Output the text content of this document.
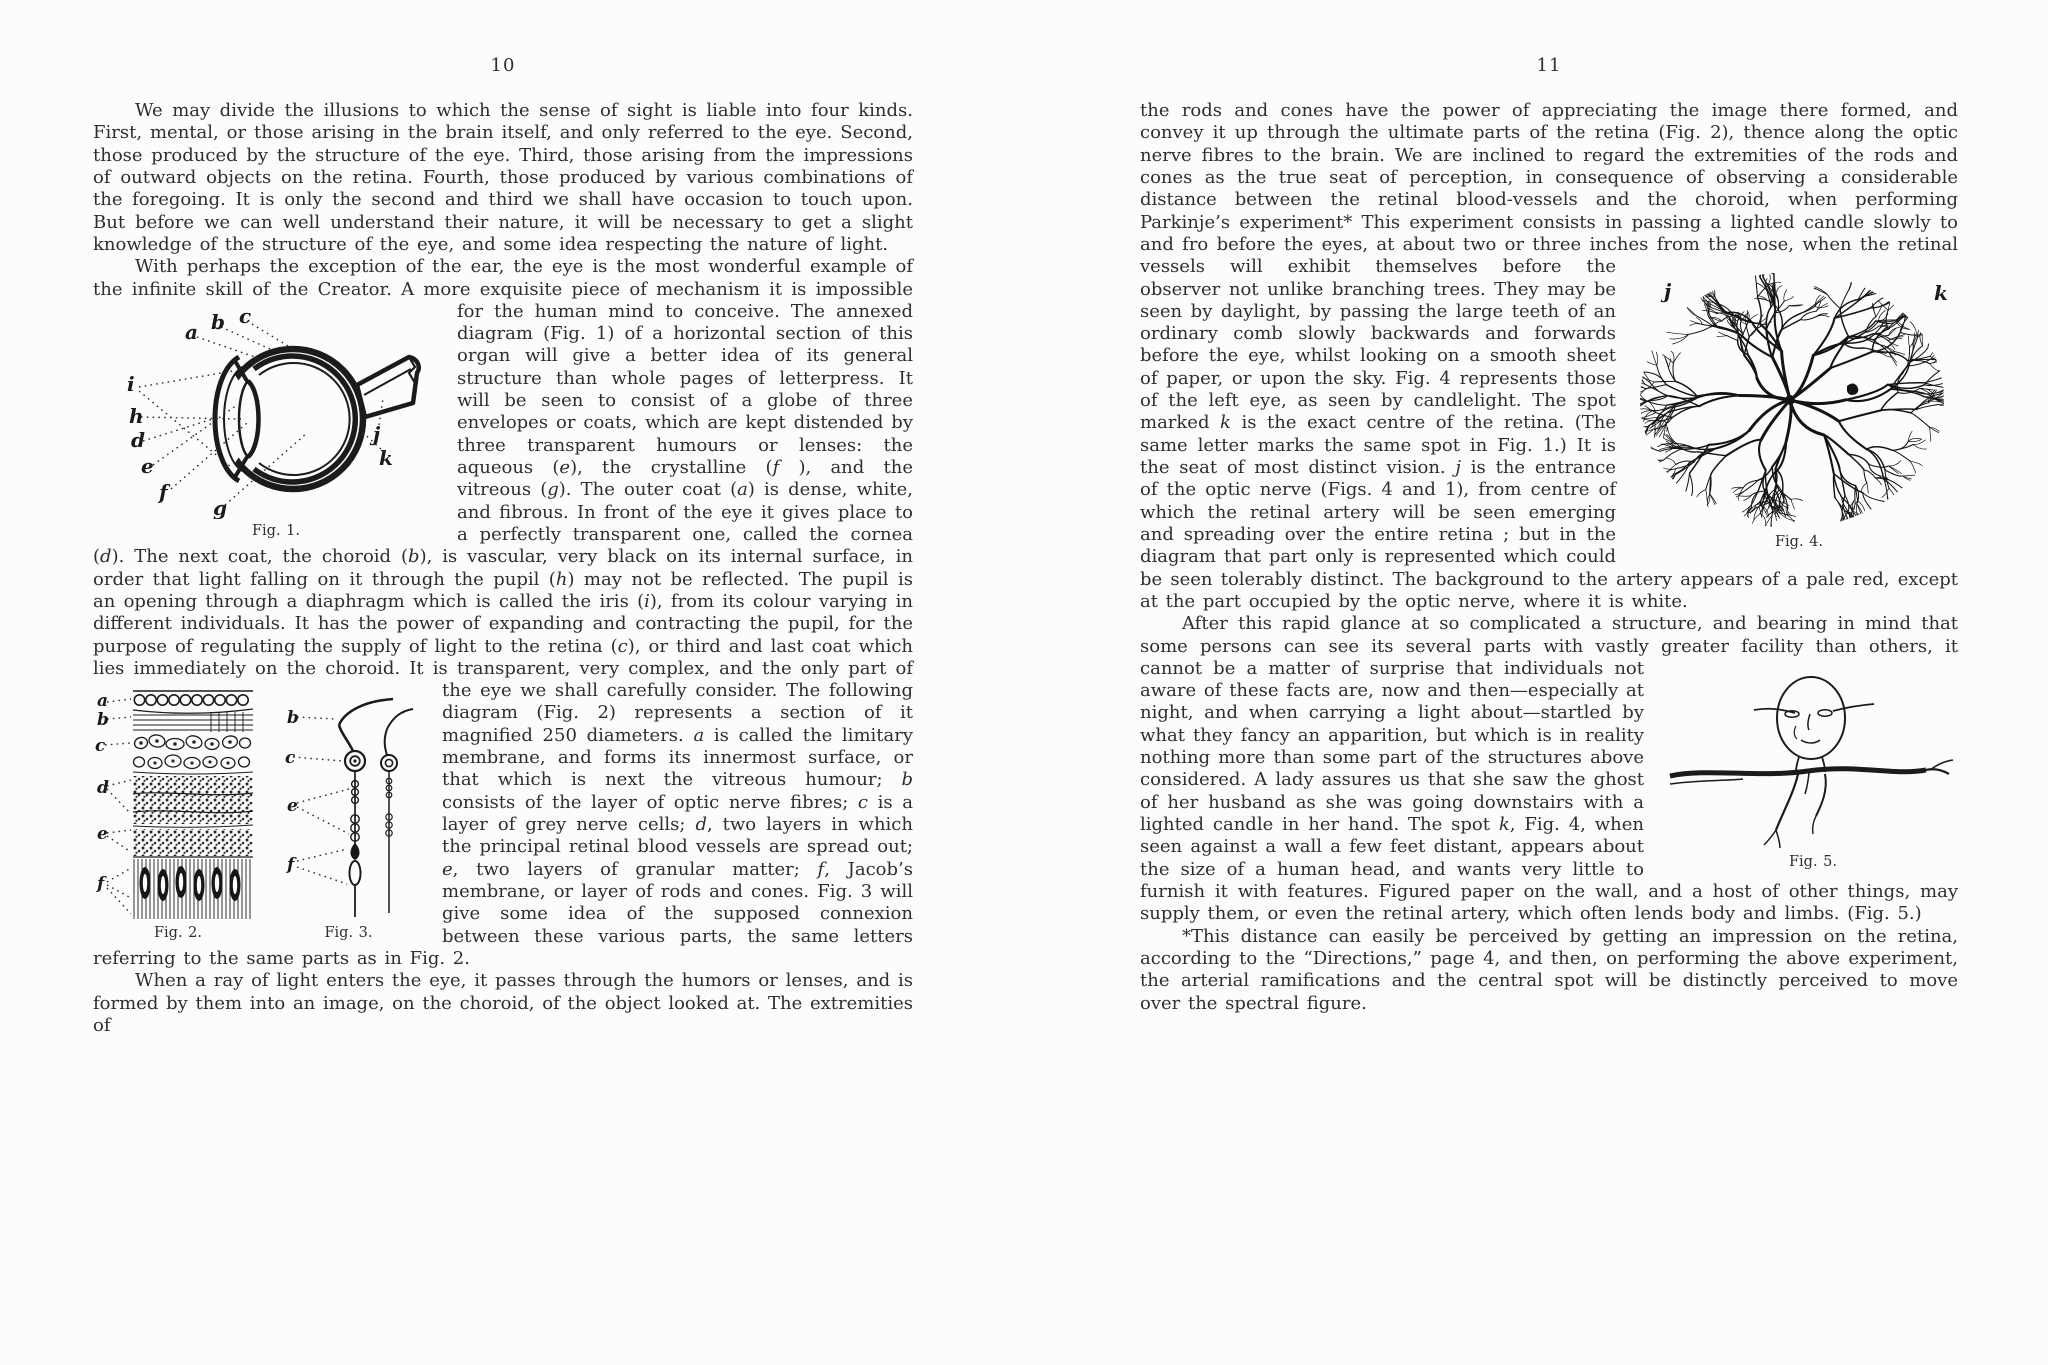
10

We may divide the illusions to which the sense of sight is liable into four kinds. First, mental, or those arising in the brain itself, and only referred to the eye. Second, those produced by the structure of the eye. Third, those arising from the impressions of outward objects on the retina. Fourth, those produced by various combinations of the foregoing. It is only the second and third we shall have occasion to touch upon. But before we can well understand their nature, it will be necessary to get a slight knowledge of the structure of the eye, and some idea respecting the nature of light.

With perhaps the exception of the ear, the eye is the most wonderful example of the infinite skill of the Creator. A more exquisite piece of mechanism it is impossible
a b c
i
h
d
e
f
g
j
k
Fig. 1.
for the human mind to conceive. The annexed diagram (Fig. 1) of a horizontal section of this organ will give a better idea of its general structure than whole pages of letterpress. It will be seen to consist of a globe of three envelopes or coats, which are kept distended by three transparent humours or lenses: the aqueous (e), the crystalline (f ), and the vitreous (g). The outer coat (a) is dense, white, and fibrous. In front of the eye it gives place to a perfectly transparent one, called the cornea (d). The next coat, the choroid (b), is vascular, very black on its internal surface, in order that light falling on it through the pupil (h) may not be reflected. The pupil is an opening through a diaphragm which is called the iris (i), from its colour varying in different individuals. It has the power of expanding and contracting the pupil, for the purpose of regulating the supply of light to the retina (c), or third and last coat which lies immediately on the choroid. It is transparent, very complex, and the only part of the eye we shall carefully
a
b
c
d
e
f
Fig. 2.
b
c
e
f
Fig. 3.
consider. The following diagram (Fig. 2) represents a section of it magnified 250 diameters. a is called the limitary membrane, and forms its innermost surface, or that which is next the vitreous humour; b consists of the layer of optic nerve fibres; c is a layer of grey nerve cells; d, two layers in which the principal retinal blood vessels are spread out; e, two layers of granular matter; f, Jacob’s membrane, or layer of rods and cones. Fig. 3 will give some idea of the supposed connexion between these various parts, the same letters referring to the same parts as in Fig. 2.

When a ray of light enters the eye, it passes through the humors or lenses, and is formed by them into an image, on the choroid, of the object looked at. The extremities of

11

the rods and cones have the power of appreciating the image there formed, and convey it up through the ultimate parts of the retina (Fig. 2), thence along the optic nerve fibres to the brain. We are inclined to regard the extremities of the rods and cones as the true seat of perception, in consequence of observing a considerable distance between the retinal blood-vessels and the choroid, when performing Parkinje’s experiment* This experiment consists in passing a lighted candle slowly to and fro before the eyes, at about two or three inches from the nose, when the retinal vessels will exhibit themselves before the
j	k
Fig. 4.
observer not unlike branching trees. They may be seen by daylight, by passing the large teeth of an ordinary comb slowly backwards and forwards before the eye, whilst looking on a smooth sheet of paper, or upon the sky. Fig. 4 represents those of the left eye, as seen by candlelight. The spot marked k is the exact centre of the retina. (The same letter marks the same spot in Fig. 1.) It is the seat of most distinct vision. j is the entrance of the optic nerve (Figs. 4 and 1), from centre of which the retinal artery will be seen emerging and spreading over the entire retina ; but in the diagram that part only is represented which could be seen tolerably distinct. The background to the artery appears of a pale red, except at the part occupied by the optic nerve, where it is white.

After this rapid glance at so complicated a structure, and bearing in mind that some persons can see its several parts with vastly greater facility than others, it cannot be a
Fig. 5.
matter of surprise that individuals not aware of these facts are, now and then—especially at night, and when carrying a light about—startled by what they fancy an apparition, but which is in reality nothing more than some part of the structures above considered. A lady assures us that she saw the ghost of her husband as she was going downstairs with a lighted candle in her hand. The spot k, Fig. 4, when seen against a wall a few feet distant, appears about the size of a human head, and wants very little to furnish it with features. Figured paper on the wall, and a host of other things, may supply them, or even the retinal artery, which often lends body and limbs. (Fig. 5.)

*This distance can easily be perceived by getting an impression on the retina, according to the “Directions,” page 4, and then, on performing the above experiment, the arterial ramifications and the central spot will be distinctly perceived to move over the spectral figure.
